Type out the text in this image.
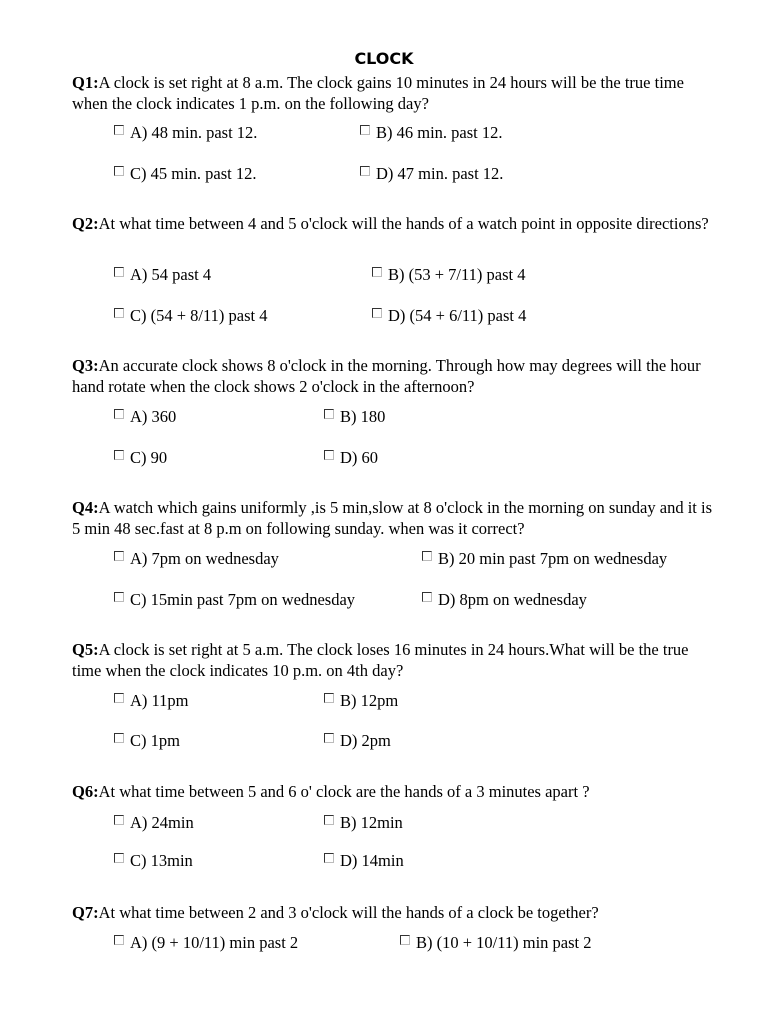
CLOCK
Q1:A clock is set right at 8 a.m. The clock gains 10 minutes in 24 hours will be the true time when the clock indicates 1 p.m. on the following day?
A) 48 min. past 12.	B) 46 min. past 12.
C) 45 min. past 12.	D) 47 min. past 12.
Q2:At what time between 4 and 5 o'clock will the hands of a watch point in opposite directions?
A) 54 past 4	B) (53 + 7/11) past 4
C) (54 + 8/11) past 4	D) (54 + 6/11) past 4
Q3:An accurate clock shows 8 o'clock in the morning. Through how may degrees will the hour hand rotate when the clock shows 2 o'clock in the afternoon?
A) 360	B) 180
C) 90	D) 60
Q4:A watch which gains uniformly ,is 5 min,slow at 8 o'clock in the morning on sunday and it is 5 min 48 sec.fast at 8 p.m on following sunday. when was it correct?
A) 7pm on wednesday	B) 20 min past 7pm on wednesday
C) 15min past 7pm on wednesday	D) 8pm on wednesday
Q5:A clock is set right at 5 a.m. The clock loses 16 minutes in 24 hours.What will be the true time when the clock indicates 10 p.m. on 4th day?
A) 11pm	B) 12pm
C) 1pm	D) 2pm
Q6:At what time between 5 and 6 o' clock are the hands of a 3 minutes apart ?
A) 24min	B) 12min
C) 13min	D) 14min
Q7:At what time between 2 and 3 o'clock will the hands of a clock be together?
A) (9 + 10/11) min past 2	B) (10 + 10/11) min past 2
